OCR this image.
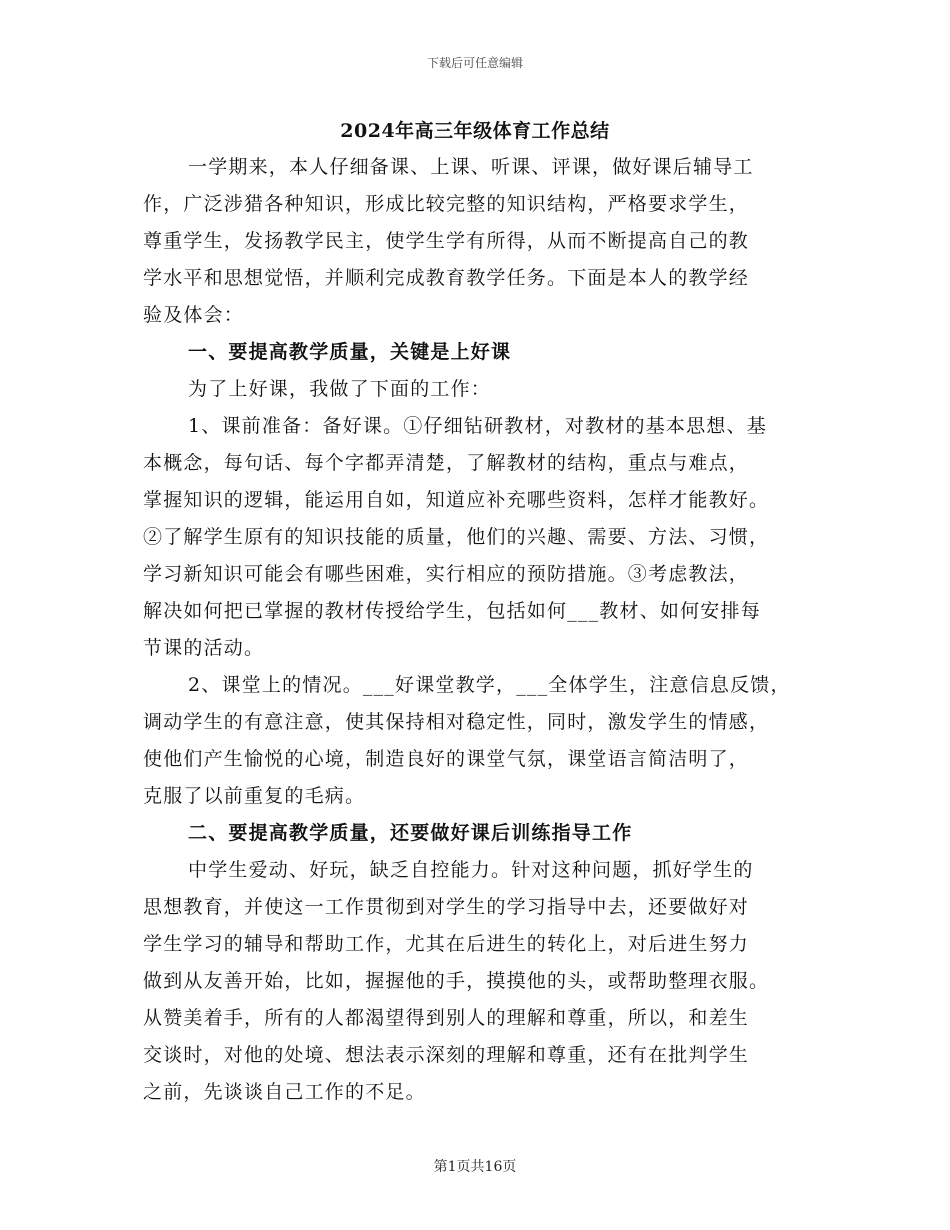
下载后可任意编辑
2024年高三年级体育工作总结
一学期来，本人仔细备课、上课、听课、评课，做好课后辅导工
作，广泛涉猎各种知识，形成比较完整的知识结构，严格要求学生，
尊重学生，发扬教学民主，使学生学有所得，从而不断提高自己的教
学水平和思想觉悟，并顺利完成教育教学任务。下面是本人的教学经
验及体会：
一、要提高教学质量，关键是上好课
为了上好课，我做了下面的工作：
1、课前准备：备好课。①仔细钻研教材，对教材的基本思想、基
本概念，每句话、每个字都弄清楚，了解教材的结构，重点与难点，
掌握知识的逻辑，能运用自如，知道应补充哪些资料，怎样才能教好。
②了解学生原有的知识技能的质量，他们的兴趣、需要、方法、习惯，
学习新知识可能会有哪些困难，实行相应的预防措施。③考虑教法，
解决如何把已掌握的教材传授给学生，包括如何___教材、如何安排每
节课的活动。
2、课堂上的情况。___好课堂教学，___全体学生，注意信息反馈，
调动学生的有意注意，使其保持相对稳定性，同时，激发学生的情感，
使他们产生愉悦的心境，制造良好的课堂气氛，课堂语言简洁明了，
克服了以前重复的毛病。
二、要提高教学质量，还要做好课后训练指导工作
中学生爱动、好玩，缺乏自控能力。针对这种问题，抓好学生的
思想教育，并使这一工作贯彻到对学生的学习指导中去，还要做好对
学生学习的辅导和帮助工作，尤其在后进生的转化上，对后进生努力
做到从友善开始，比如，握握他的手，摸摸他的头，或帮助整理衣服。
从赞美着手，所有的人都渴望得到别人的理解和尊重，所以，和差生
交谈时，对他的处境、想法表示深刻的理解和尊重，还有在批判学生
之前，先谈谈自己工作的不足。
第1页共16页
